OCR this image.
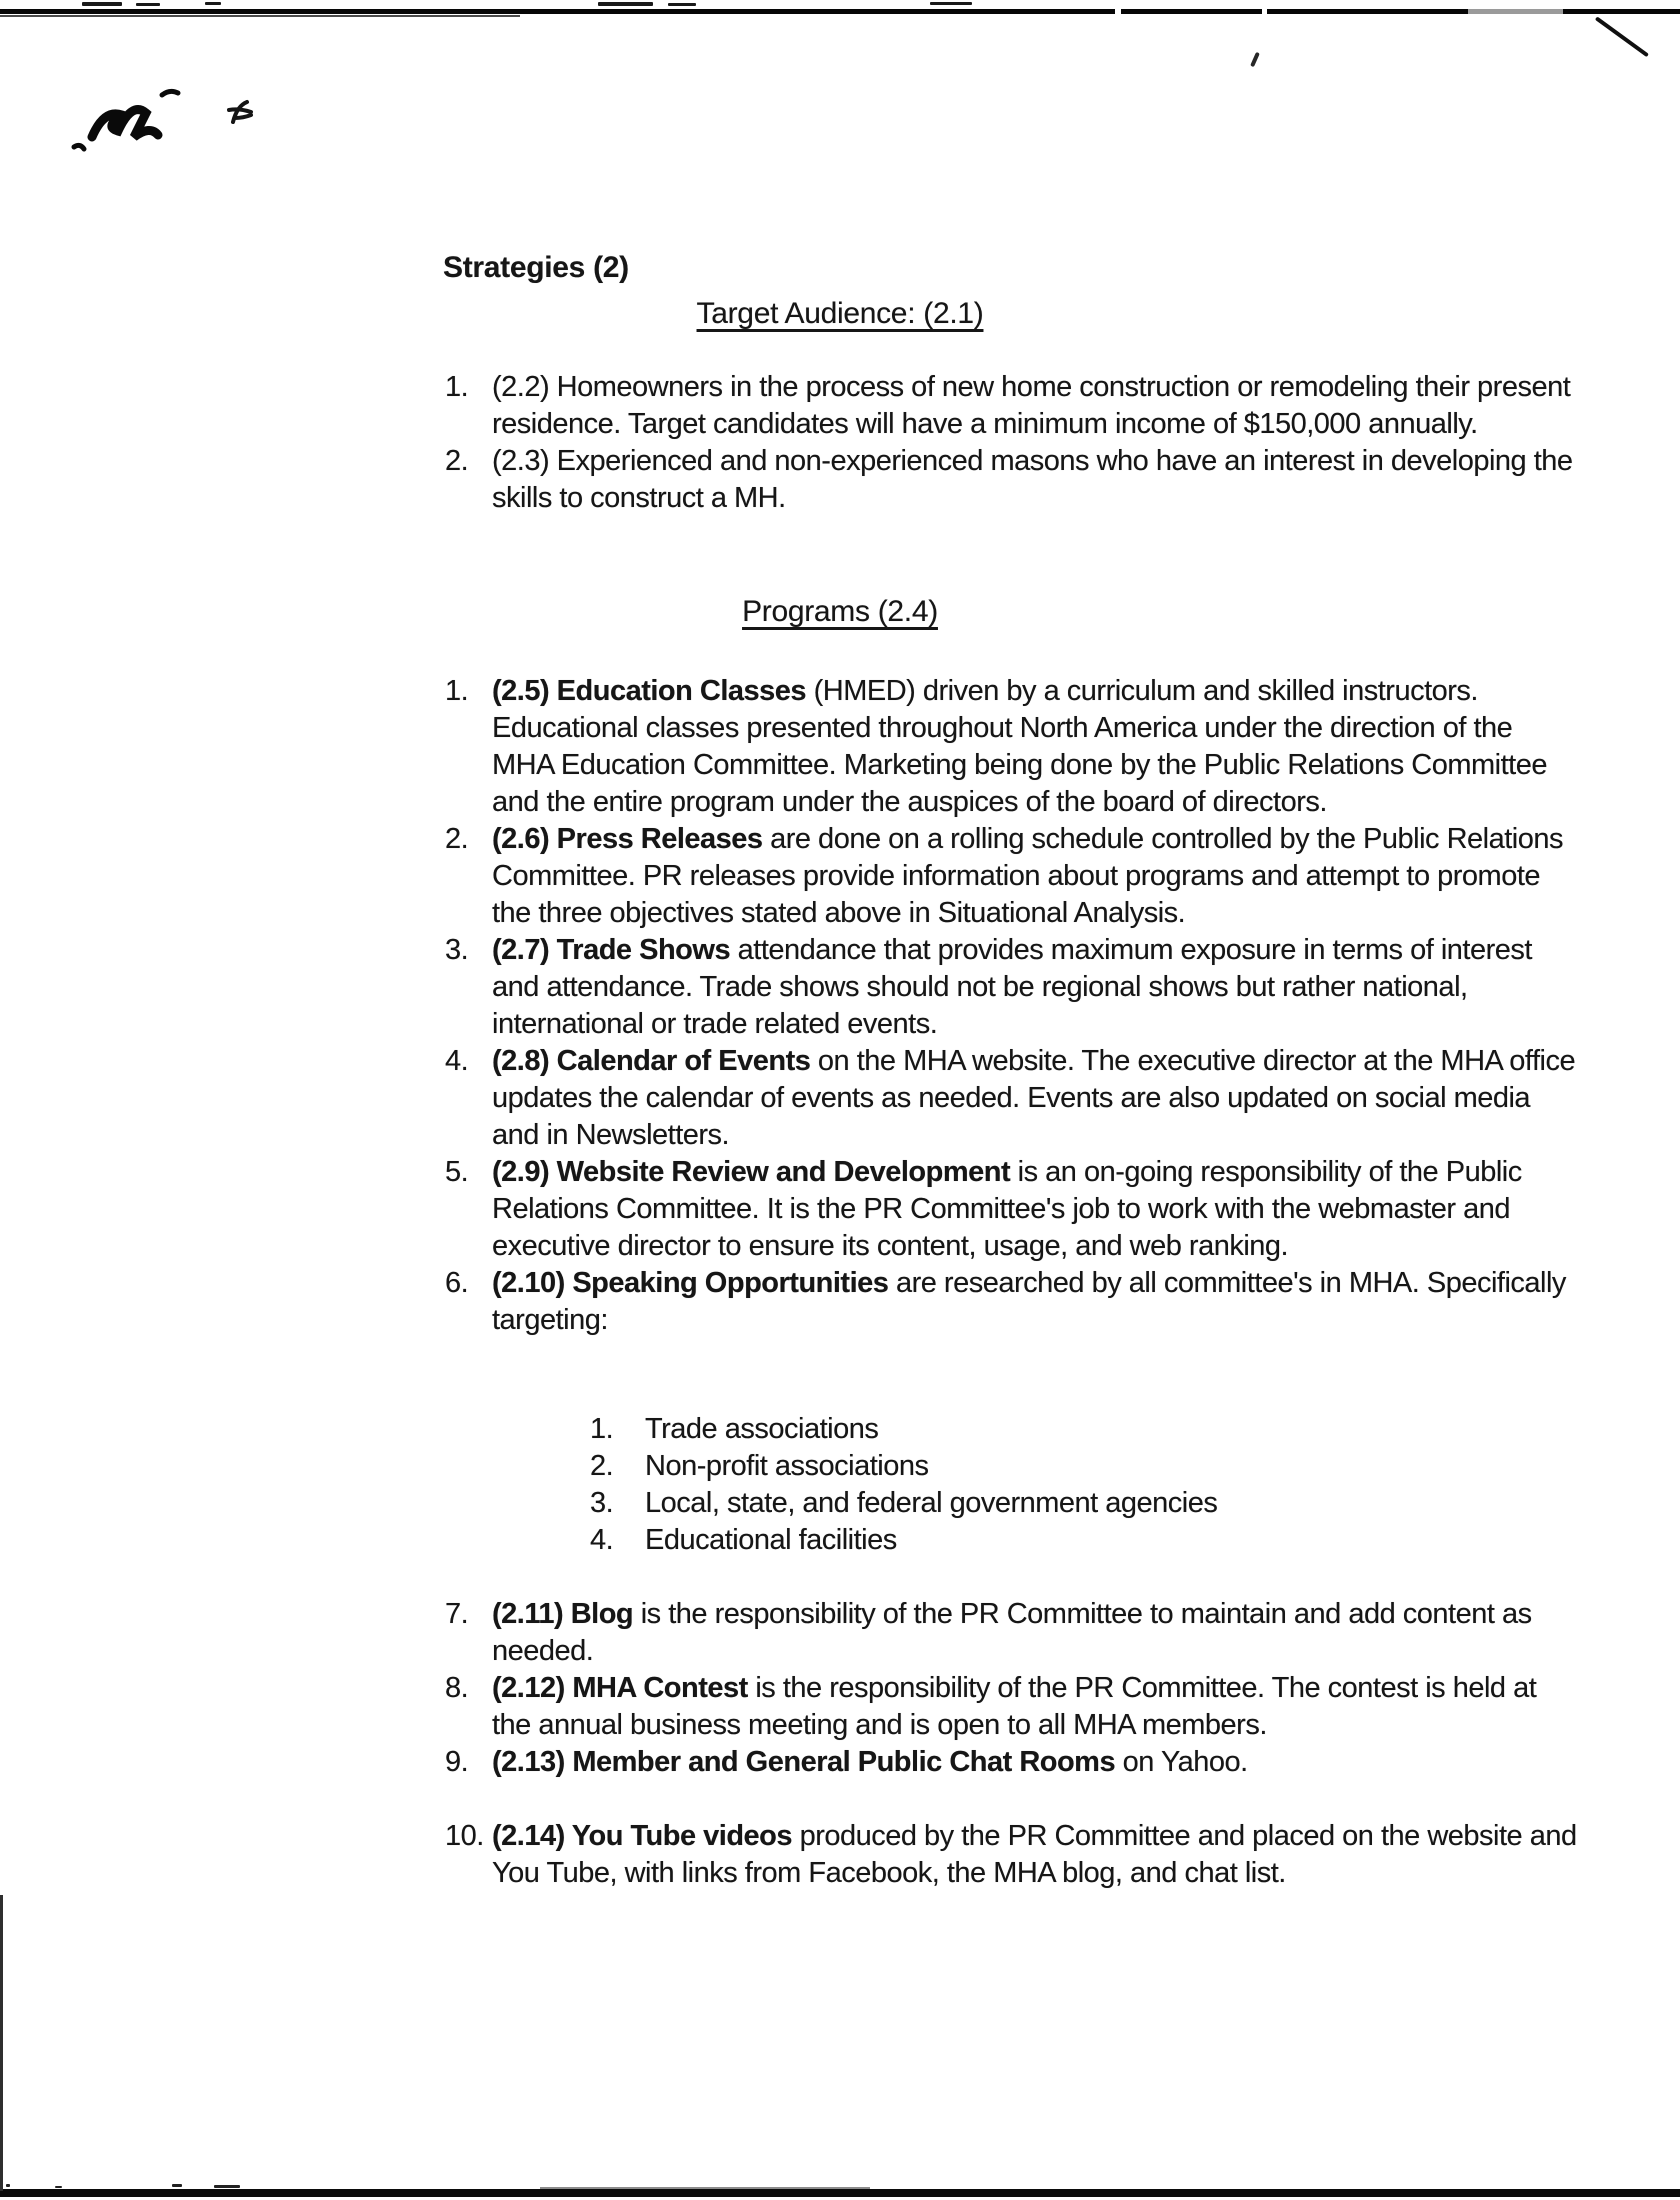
Strategies (2)
Target Audience: (2.1)
1. (2.2) Homeowners in the process of new home construction or remodeling their present residence. Target candidates will have a minimum income of $150,000 annually.
2. (2.3) Experienced and non-experienced masons who have an interest in developing the skills to construct a MH.
Programs (2.4)
1. (2.5) Education Classes (HMED) driven by a curriculum and skilled instructors. Educational classes presented throughout North America under the direction of the MHA Education Committee. Marketing being done by the Public Relations Committee and the entire program under the auspices of the board of directors.
2. (2.6) Press Releases are done on a rolling schedule controlled by the Public Relations Committee. PR releases provide information about programs and attempt to promote the three objectives stated above in Situational Analysis.
3. (2.7) Trade Shows attendance that provides maximum exposure in terms of interest and attendance. Trade shows should not be regional shows but rather national, international or trade related events.
4. (2.8) Calendar of Events on the MHA website. The executive director at the MHA office updates the calendar of events as needed. Events are also updated on social media and in Newsletters.
5. (2.9) Website Review and Development is an on-going responsibility of the Public Relations Committee. It is the PR Committee's job to work with the webmaster and executive director to ensure its content, usage, and web ranking.
6. (2.10) Speaking Opportunities are researched by all committee's in MHA. Specifically targeting:
1.	Trade associations
2.	Non-profit associations
3.	Local, state, and federal government agencies
4.	Educational facilities
7. (2.11) Blog is the responsibility of the PR Committee to maintain and add content as needed.
8. (2.12) MHA Contest is the responsibility of the PR Committee. The contest is held at the annual business meeting and is open to all MHA members.
9. (2.13) Member and General Public Chat Rooms on Yahoo.
10. (2.14) You Tube videos produced by the PR Committee and placed on the website and You Tube, with links from Facebook, the MHA blog, and chat list.
